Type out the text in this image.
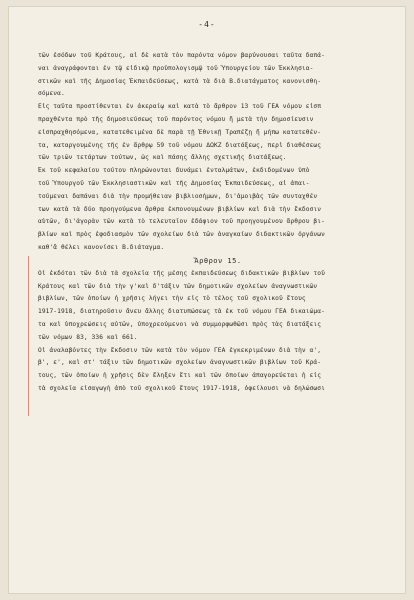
-4-

τῶν ἐσόδων τοῦ Κράτους, αἱ δὲ κατὰ τὸν παρόντα νόμον βαρύνουσαι ταῦτα δαπά-

ναι ἀναγράφονται ἐν τῷ εἰδικῷ προϋπολογισμῷ τοῦ Ὑπουργείου τῶν Ἐκκλησια-

στικῶν καὶ τῆς Δημοσίας Ἐκπαιδεύσεως, κατὰ τὰ διὰ Β.διατάγματος κανονισθη-

σόμενα.

Εἰς ταῦτα προστίθενται ἐν ἀκεραίῳ καὶ κατὰ τὸ ἄρθρον 13 τοῦ ΓΕΑ νόμου εἰσπ

πραχθέντα πρὸ τῆς δημοσιεύσεως τοῦ παρόντος νόμου ἤ μετὰ τὴν δημοσίευσιν

εἰσπραχθησόμενα, κατατεθειμένα δὲ παρὰ τῇ Ἐθνικῇ Τραπέζῃ ἤ μήπω κατατεθέν-

τα, καταργουμένης τῆς ἐν ἄρθρῳ 59 τοῦ νόμου ΔΩΚΖ διατάξεως, περὶ διαθέσεως

τῶν τριῶν τετάρτων τούτων, ὡς καὶ πάσης ἄλλης σχετικῆς διατάξεως.

Ἐκ τοῦ κεφαλαίου τούτου πληρώνονται δυνάμει ἐνταλμάτων, ἐκδιδομένων ὑπὸ

τοῦ Ὑπουργοῦ τῶν Ἐκκλησιαστικῶν καὶ τῆς Δημοσίας Ἐκπαιδεύσεως, αἱ ἀπαι-

τούμεναι δαπάναι διὰ τὴν προμήθειαν βιβλιοσήμων, δι'ἀμοιβὰς τῶν συνταχθέν

των κατὰ τὰ δύο προηγούμενα ἄρθρα ἐκπονουμένων βιβλίων καὶ διὰ τὴν ἔκδοσιν

αὐτῶν, δι'ἀγορὰν τῶν κατὰ τὸ τελευταῖον ἐδάφιον τοῦ προηγουμένου ἄρθρου βι-

βλίων καὶ πρὸς ἐφοδιασμὸν τῶν σχολείων διὰ τῶν ἀναγκαίων διδακτικῶν ὀργάνων

καθ'ἃ θέλει κανονίσει Β.διάταγμα.

Ἄρθρον 15.

Οἱ ἐκδόται τῶν διὰ τὰ σχολεῖα τῆς μέσης ἐκπαιδεύσεως διδακτικῶν βιβλίων τοῦ

Κράτους καὶ τῶν διὰ τὴν γ'καὶ δ'τάξιν τῶν δημοτικῶν σχολείων ἀναγνωστικῶν

βιβλίων, τῶν ὁποίων ἡ χρῆσις λήγει τὴν εἰς τὸ τέλος τοῦ σχολικοῦ ἔτους

1917-1918, διατηροῦσιν ἄνευ ἄλλης διατυπώσεως τὰ ἐκ τοῦ νόμου ΓΕΑ δικαιώμα-

τα καὶ ὑποχρεώσεις αὐτῶν, ὑποχρεούμενοι νὰ συμμορφωθῶσι πρὸς τὰς διατάξεις

τῶν νόμων 83, 336 καὶ 661.

Οἱ ἀναλαβόντες τὴν ἔκδοσιν τῶν κατὰ τὸν νόμον ΓΕΑ ἐγκεκριμένων διὰ τὴν α',

β', ε', καὶ στ' τάξιν τῶν δημοτικῶν σχολείων ἀναγνωστικῶν βιβλίων τοῦ Κρά-

τους, τῶν ὁποίων ἡ χρῆσις δὲν ἔληξεν ἔτι καὶ τῶν ὁποίων ἀπαγορεύεται ἡ εἰς

τὰ σχολεῖα εἰσαγωγὴ ἀπὸ τοῦ σχολικοῦ ἔτους 1917-1918, ὀφείλουσι νὰ δηλώσωσι
